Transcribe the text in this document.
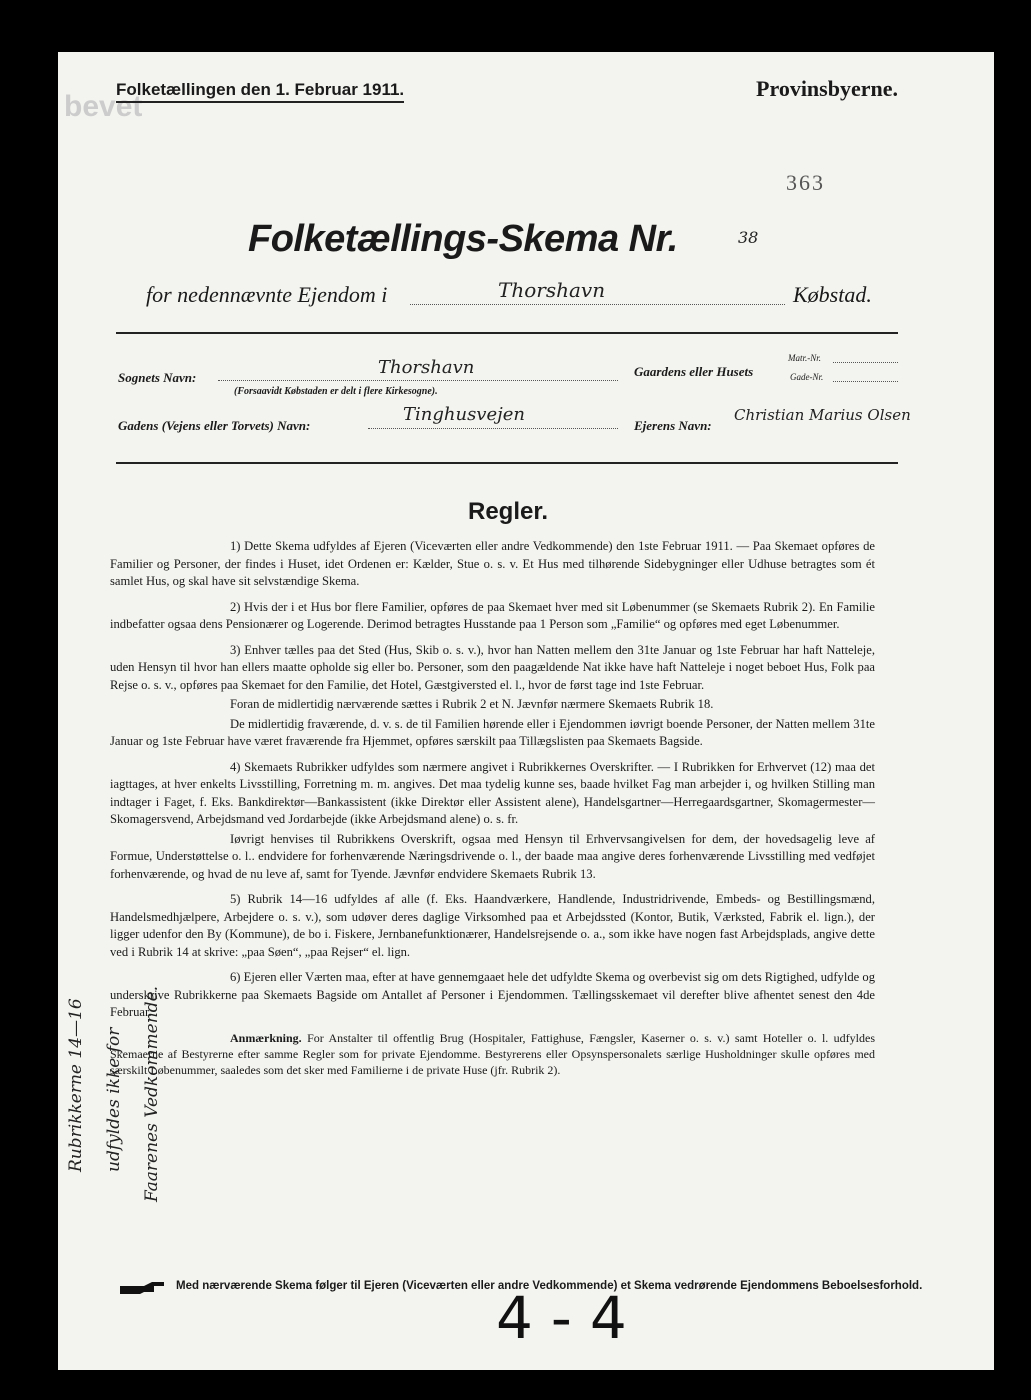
bevet
Folketællingen den 1. Februar 1911.	Provinsbyerne.
363
Folketællings-Skema Nr.	38
for nedennævnte Ejendom i	Thorshavn	Købstad.
Sognets Navn:	Thorshavn
(Forsaavidt Købstaden er delt i flere Kirkesogne).
Gaardens eller Husets
Matr.-Nr.
Gade-Nr.
Gadens (Vejens eller Torvets) Navn:
Tinghusvejen
Ejerens Navn:
Christian Marius Olsen
Regler.

1) Dette Skema udfyldes af Ejeren (Viceværten eller andre Vedkommende) den 1ste Februar 1911. — Paa Skemaet opføres de Familier og Personer, der findes i Huset, idet Ordenen er: Kælder, Stue o. s. v. Et Hus med tilhørende Sidebygninger eller Udhuse betragtes som ét samlet Hus, og skal have sit selvstændige Skema.

2) Hvis der i et Hus bor flere Familier, opføres de paa Skemaet hver med sit Løbenummer (se Skemaets Rubrik 2). En Familie indbefatter ogsaa dens Pensionærer og Logerende. Derimod betragtes Husstande paa 1 Person som „Familie“ og opføres med eget Løbenummer.

3) Enhver tælles paa det Sted (Hus, Skib o. s. v.), hvor han Natten mellem den 31te Januar og 1ste Februar har haft Natteleje, uden Hensyn til hvor han ellers maatte opholde sig eller bo. Personer, som den paagældende Nat ikke have haft Natteleje i noget beboet Hus, Folk paa Rejse o. s. v., opføres paa Skemaet for den Familie, det Hotel, Gæstgiversted el. l., hvor de først tage ind 1ste Februar.

Foran de midlertidig nærværende sættes i Rubrik 2 et N. Jævnfør nærmere Skemaets Rubrik 18.

De midlertidig fraværende, d. v. s. de til Familien hørende eller i Ejendommen iøvrigt boende Personer, der Natten mellem 31te Januar og 1ste Februar have været fraværende fra Hjemmet, opføres særskilt paa Tillægslisten paa Skemaets Bagside.

4) Skemaets Rubrikker udfyldes som nærmere angivet i Rubrikkernes Overskrifter. — I Rubrikken for Erhvervet (12) maa det iagttages, at hver enkelts Livsstilling, Forretning m. m. angives. Det maa tydelig kunne ses, baade hvilket Fag man arbejder i, og hvilken Stilling man indtager i Faget, f. Eks. Bankdirektør—Bankassistent (ikke Direktør eller Assistent alene), Handelsgartner—Herregaardsgartner, Skomagermester—Skomagersvend, Arbejdsmand ved Jordarbejde (ikke Arbejdsmand alene) o. s. fr.

Iøvrigt henvises til Rubrikkens Overskrift, ogsaa med Hensyn til Erhvervsangivelsen for dem, der hovedsagelig leve af Formue, Understøttelse o. l.. endvidere for forhenværende Næringsdrivende o. l., der baade maa angive deres forhenværende Livsstilling med vedføjet forhenværende, og hvad de nu leve af, samt for Tyende. Jævnfør endvidere Skemaets Rubrik 13.

5) Rubrik 14—16 udfyldes af alle (f. Eks. Haandværkere, Handlende, Industridrivende, Embeds- og Bestillingsmænd, Handelsmedhjælpere, Arbejdere o. s. v.), som udøver deres daglige Virksomhed paa et Arbejdssted (Kontor, Butik, Værksted, Fabrik el. lign.), der ligger udenfor den By (Kommune), de bo i. Fiskere, Jernbanefunktionærer, Handelsrejsende o. a., som ikke have nogen fast Arbejdsplads, angive dette ved i Rubrik 14 at skrive: „paa Søen“, „paa Rejser“ el. lign.

6) Ejeren eller Værten maa, efter at have gennemgaaet hele det udfyldte Skema og overbevist sig om dets Rigtighed, udfylde og underskrive Rubrikkerne paa Skemaets Bagside om Antallet af Personer i Ejendommen. Tællingsskemaet vil derefter blive afhentet senest den 4de Februar.

Anmærkning. For Anstalter til offentlig Brug (Hospitaler, Fattighuse, Fængsler, Kaserner o. s. v.) samt Hoteller o. l. udfyldes Skemaerne af Bestyrerne efter samme Regler som for private Ejendomme. Bestyrerens eller Opsynspersonalets særlige Husholdninger skulle opføres med særskilt Løbenummer, saaledes som det sker med Familierne i de private Huse (jfr. Rubrik 2).

Med nærværende Skema følger til Ejeren (Viceværten eller andre Vedkommende) et Skema vedrørende Ejendommens Beboelsesforhold.
4-4
Rubrikkerne 14—16 udfyldes ikke for Faarenes Vedkommende.
